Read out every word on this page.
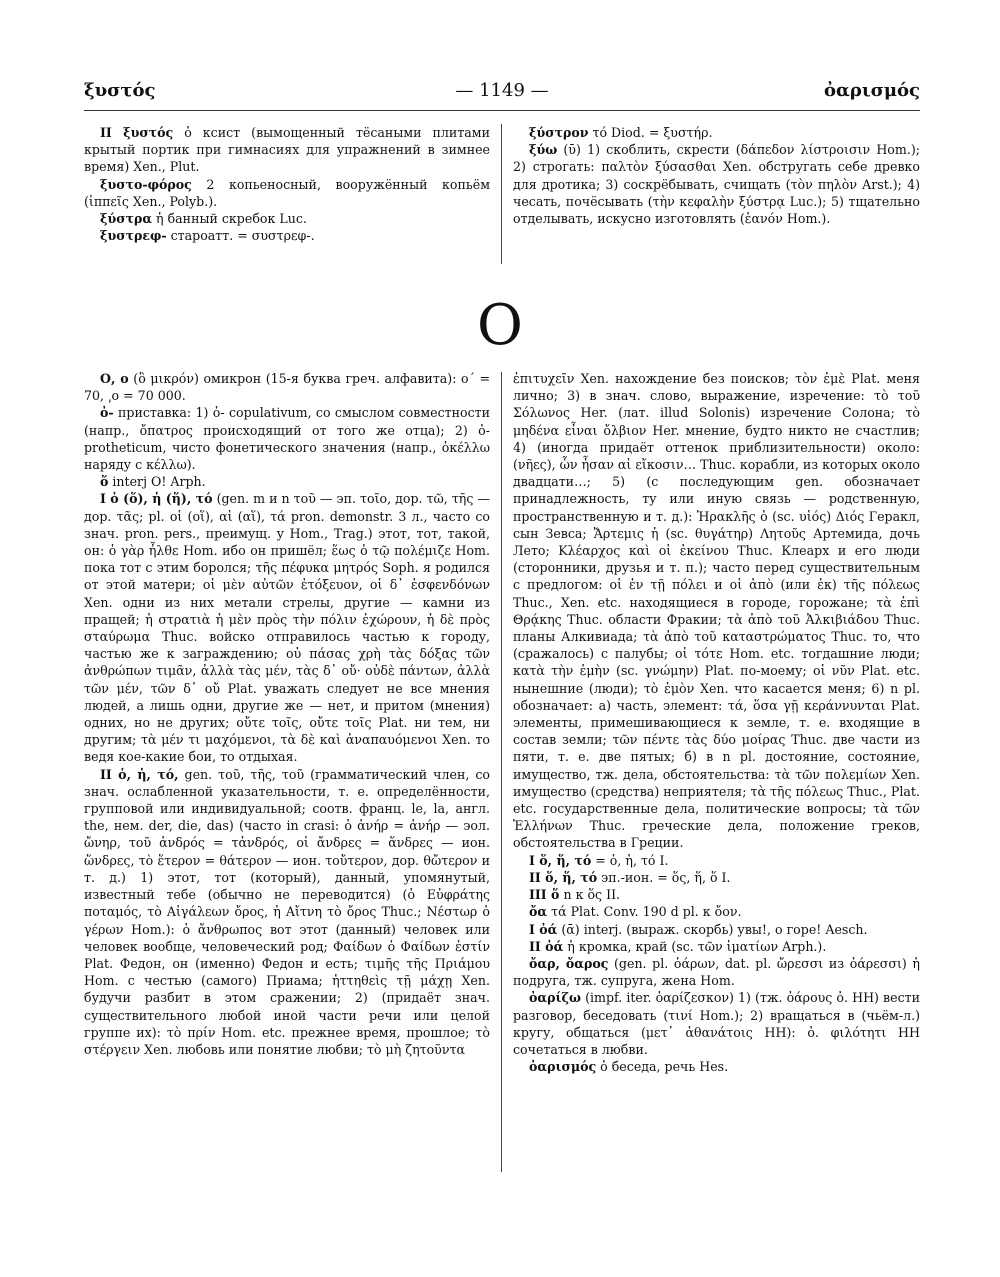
ξυστός	— 1149 —	ὀαρισμός

II ξυστός ὁ ксист (вымощенный тёсаными плитами крытый портик при гимнасиях для упражнений в зимнее время) Xen., Plut.

ξυστο-φόρος 2 копьеносный, вооружённый копьём (ἱππεῖς Xen., Polyb.).

ξύστρα ἡ банный скребок Luc.

ξυστρεφ- староатт. = συστρεφ-.

ξύστρον τό Diod. = ξυστήρ.

ξύω (ῡ) 1) скоблить, скрести (δάπεδον λίστροισιν Hom.); 2) строгать: παλτὸν ξύσασθαι Xen. обстругать себе древко для дротика; 3) соскрёбывать, счищать (τὸν πηλὸν Arst.); 4) чесать, почёсывать (τὴν κεφαλὴν ξύστρᾳ Luc.); 5) тщательно отделывать, искусно изготовлять (ἑανόν Hom.).

O

Ο, ο (ὂ μικρόν) омикрон (15-я буква греч. алфавита): ο΄ = 70, ͵ο = 70 000.

ὀ- приставка: 1) ὀ- copulativum, со смыслом совместности (напр., ὄπατρος происходящий от того же отца); 2) ὀ- protheticum, чисто фонетического значения (напр., ὀκέλλω наряду с κέλλω).

ὅ interj О! Arph.

I ὁ (ὅ), ἡ (ἥ), τό (gen. m и n τοῦ — эп. τοῖο, дор. τῶ, τῆς — дор. τᾶς; pl. οἱ (οἵ), αἱ (αἵ), τά pron. demonstr. 3 л., часто со знач. pron. pers., преимущ. у Hom., Trag.) этот, тот, такой, он: ὁ γὰρ ἦλθε Hom. ибо он пришёл; ἕως ὁ τῷ πολέμιζε Hom. пока тот с этим боролся; τῆς πέφυκα μητρός Soph. я родился от этой матери; οἱ μὲν αὐτῶν ἐτόξευον, οἱ δ᾽ ἐσφενδόνων Xen. одни из них метали стрелы, другие — камни из пращей; ἡ στρατιὰ ἡ μὲν πρὸς τὴν πόλιν ἐχώρουν, ἡ δὲ πρὸς σταύρωμα Thuc. войско отправилось частью к городу, частью же к заграждению; οὐ πάσας χρὴ τὰς δόξας τῶν ἀνθρώπων τιμᾶν, ἀλλὰ τὰς μέν, τὰς δ᾽ οὔ· οὐδὲ πάντων, ἀλλὰ τῶν μέν, τῶν δ᾽ οὔ Plat. уважать следует не все мнения людей, а лишь одни, другие же — нет, и притом (мнения) одних, но не других; οὔτε τοῖς, οὔτε τοῖς Plat. ни тем, ни другим; τὰ μέν τι μαχόμενοι, τὰ δὲ καὶ ἀναπαυόμενοι Xen. то ведя кое-какие бои, то отдыхая.

II ὁ, ἡ, τό, gen. τοῦ, τῆς, τοῦ (грамматический член, со знач. ослабленной указательности, т. е. определённости, групповой или индивидуальной; соотв. франц. le, la, англ. the, нем. der, die, das) (часто in crasi: ὁ ἀνήρ = ἁνήρ — эол. ὤνηρ, τοῦ ἀνδρός = τἀνδρός, οἱ ἄνδρες = ἅνδρες — ион. ὥνδρες, τὸ ἕτερον = θάτερον — ион. τοὔτερον, дор. θὤτερον и т. д.) 1) этот, тот (который), данный, упомянутый, известный тебе (обычно не переводится) (ὁ Εὐφράτης ποταμός, τὸ Αἰγάλεων ὄρος, ἡ Αἴτνη τὸ ὄρος Thuc.; Νέστωρ ὁ γέρων Hom.): ὁ ἄνθρωπος вот этот (данный) человек или человек вообще, человеческий род; Φαίδων ὁ Φαίδων ἐστίν Plat. Федон, он (именно) Федон и есть; τιμῆς τῆς Πριάμου Hom. с честью (самого) Приама; ἡττηθεὶς τῇ μάχῃ Xen. будучи разбит в этом сражении; 2) (придаёт знач. существительного любой иной части речи или целой группе их): τὸ πρίν Hom. etc. прежнее время, прошлое; τὸ στέργειν Xen. любовь или понятие любви; τὸ μὴ ζητοῦντα

ἐπιτυχεῖν Xen. нахождение без поисков; τὸν ἐμὲ Plat. меня лично; 3) в знач. слово, выражение, изречение: τὸ τοῦ Σόλωνος Her. (лат. illud Solonis) изречение Солона; τὸ μηδένα εἶναι ὄλβιον Her. мнение, будто никто не счастлив; 4) (иногда придаёт оттенок приблизительности) около: (νῆες), ὧν ἦσαν αἱ εἴκοσιν… Thuc. корабли, из которых около двадцати…; 5) (с последующим gen. обозначает принадлежность, ту или иную связь — родственную, пространственную и т. д.): Ἡρακλῆς ὁ (sc. υἱός) Διός Геракл, сын Зевса; Ἄρτεμις ἡ (sc. θυγάτηρ) Λητοῦς Артемида, дочь Лето; Κλέαρχος καὶ οἱ ἐκείνου Thuc. Клеарх и его люди (сторонники, друзья и т. п.); часто перед существительным с предлогом: οἱ ἐν τῇ πόλει и οἱ ἀπὸ (или ἐκ) τῆς πόλεως Thuc., Xen. etc. находящиеся в городе, горожане; τὰ ἐπὶ Θρᾴκης Thuc. области Фракии; τὰ ἀπὸ τοῦ Ἀλκιβιάδου Thuc. планы Алкивиада; τὰ ἀπὸ τοῦ καταστρώματος Thuc. то, что (сражалось) с палубы; οἱ τότε Hom. etc. тогдашние люди; κατὰ τὴν ἐμὴν (sc. γνώμην) Plat. по-моему; οἱ νῦν Plat. etc. нынешние (люди); τὸ ἐμὸν Xen. что касается меня; 6) n pl. обозначает: а) часть, элемент: τά, ὅσα γῇ κεράννυνται Plat. элементы, примешивающиеся к земле, т. е. входящие в состав земли; τῶν πέντε τὰς δύο μοίρας Thuc. две части из пяти, т. е. две пятых; б) в n pl. достояние, состояние, имущество, тж. дела, обстоятельства: τὰ τῶν πολεμίων Xen. имущество (средства) неприятеля; τὰ τῆς πόλεως Thuc., Plat. etc. государственные дела, политические вопросы; τὰ τῶν Ἑλλήνων Thuc. греческие дела, положение греков, обстоятельства в Греции.

I ὅ, ἥ, τό = ὁ, ἡ, τό I.

II ὅ, ἥ, τό эп.-ион. = ὅς, ἥ, ὅ I.

III ὅ n к ὅς II.

ὄα τά Plat. Conv. 190 d pl. к ὄον.

I ὀά (ᾱ) interj. (выраж. скорбь) увы!, о горе! Aesch.

II ὀά ἡ кромка, край (sc. τῶν ἱματίων Arph.).

ὄαρ, ὄαρος (gen. pl. ὀάρων, dat. pl. ὤρεσσι из ὀάρεσσι) ἡ подруга, тж. супруга, жена Hom.

ὀαρίζω (impf. iter. ὀαρίζεσκον) 1) (тж. ὀάρους ὀ. HH) вести разговор, беседовать (τινί Hom.); 2) вращаться в (чьём-л.) кругу, общаться (μετ᾽ ἀθανάτοις HH): ὀ. φιλότητι HH сочетаться в любви.

ὀαρισμός ὁ беседа, речь Hes.
